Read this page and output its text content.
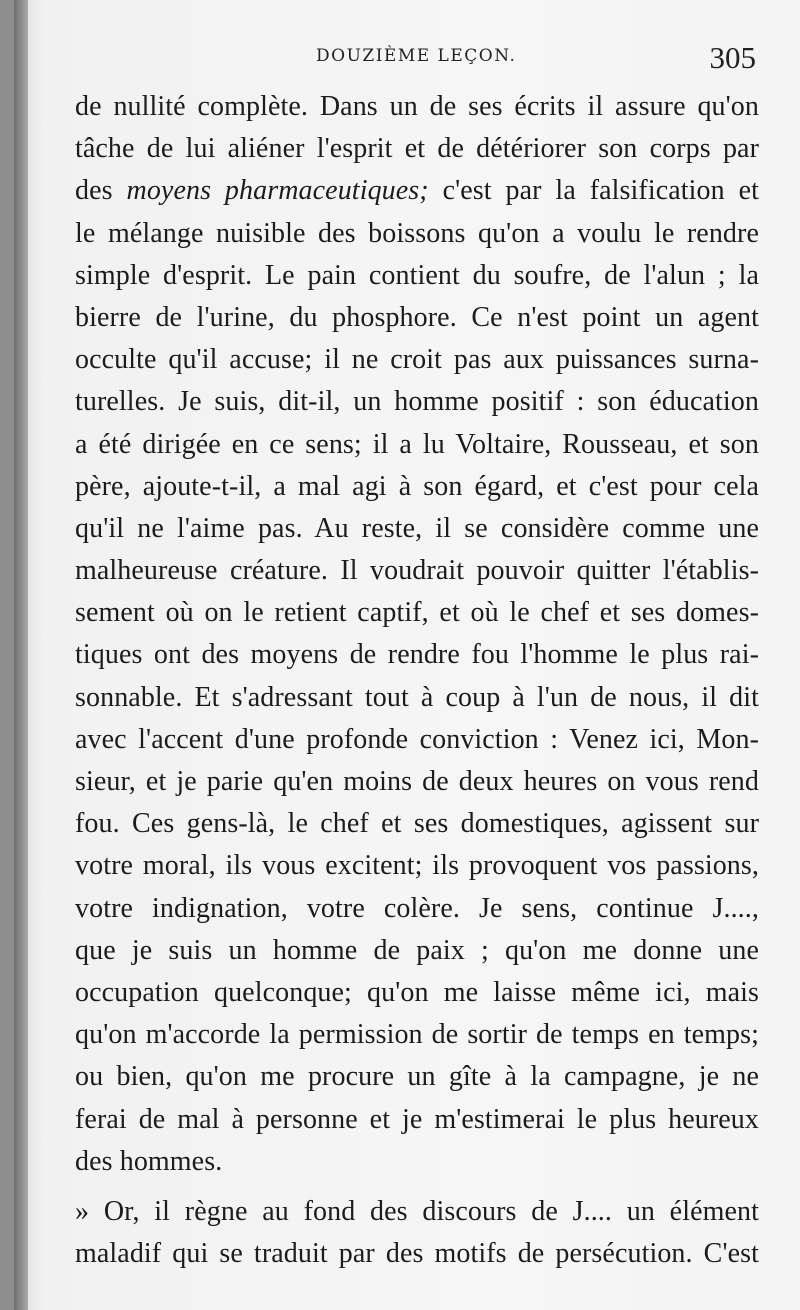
DOUZIÈME LEÇON.	305
de nullité complète. Dans un de ses écrits il assure qu'on
tâche de lui aliéner l'esprit et de détériorer son corps par
des moyens pharmaceutiques; c'est par la falsification et
le mélange nuisible des boissons qu'on a voulu le rendre
simple d'esprit. Le pain contient du soufre, de l'alun ; la
bierre de l'urine, du phosphore. Ce n'est point un agent
occulte qu'il accuse; il ne croit pas aux puissances surna-
turelles. Je suis, dit-il, un homme positif : son éducation
a été dirigée en ce sens; il a lu Voltaire, Rousseau, et son
père, ajoute-t-il, a mal agi à son égard, et c'est pour cela
qu'il ne l'aime pas. Au reste, il se considère comme une
malheureuse créature. Il voudrait pouvoir quitter l'établis-
sement où on le retient captif, et où le chef et ses domes-
tiques ont des moyens de rendre fou l'homme le plus rai-
sonnable. Et s'adressant tout à coup à l'un de nous, il dit
avec l'accent d'une profonde conviction : Venez ici, Mon-
sieur, et je parie qu'en moins de deux heures on vous rend
fou. Ces gens-là, le chef et ses domestiques, agissent sur
votre moral, ils vous excitent; ils provoquent vos passions,
votre indignation, votre colère. Je sens, continue J....,
que je suis un homme de paix ; qu'on me donne une
occupation quelconque; qu'on me laisse même ici, mais
qu'on m'accorde la permission de sortir de temps en temps;
ou bien, qu'on me procure un gîte à la campagne, je ne
ferai de mal à personne et je m'estimerai le plus heureux
des hommes.
» Or, il règne au fond des discours de J.... un élément
maladif qui se traduit par des motifs de persécution. C'est
